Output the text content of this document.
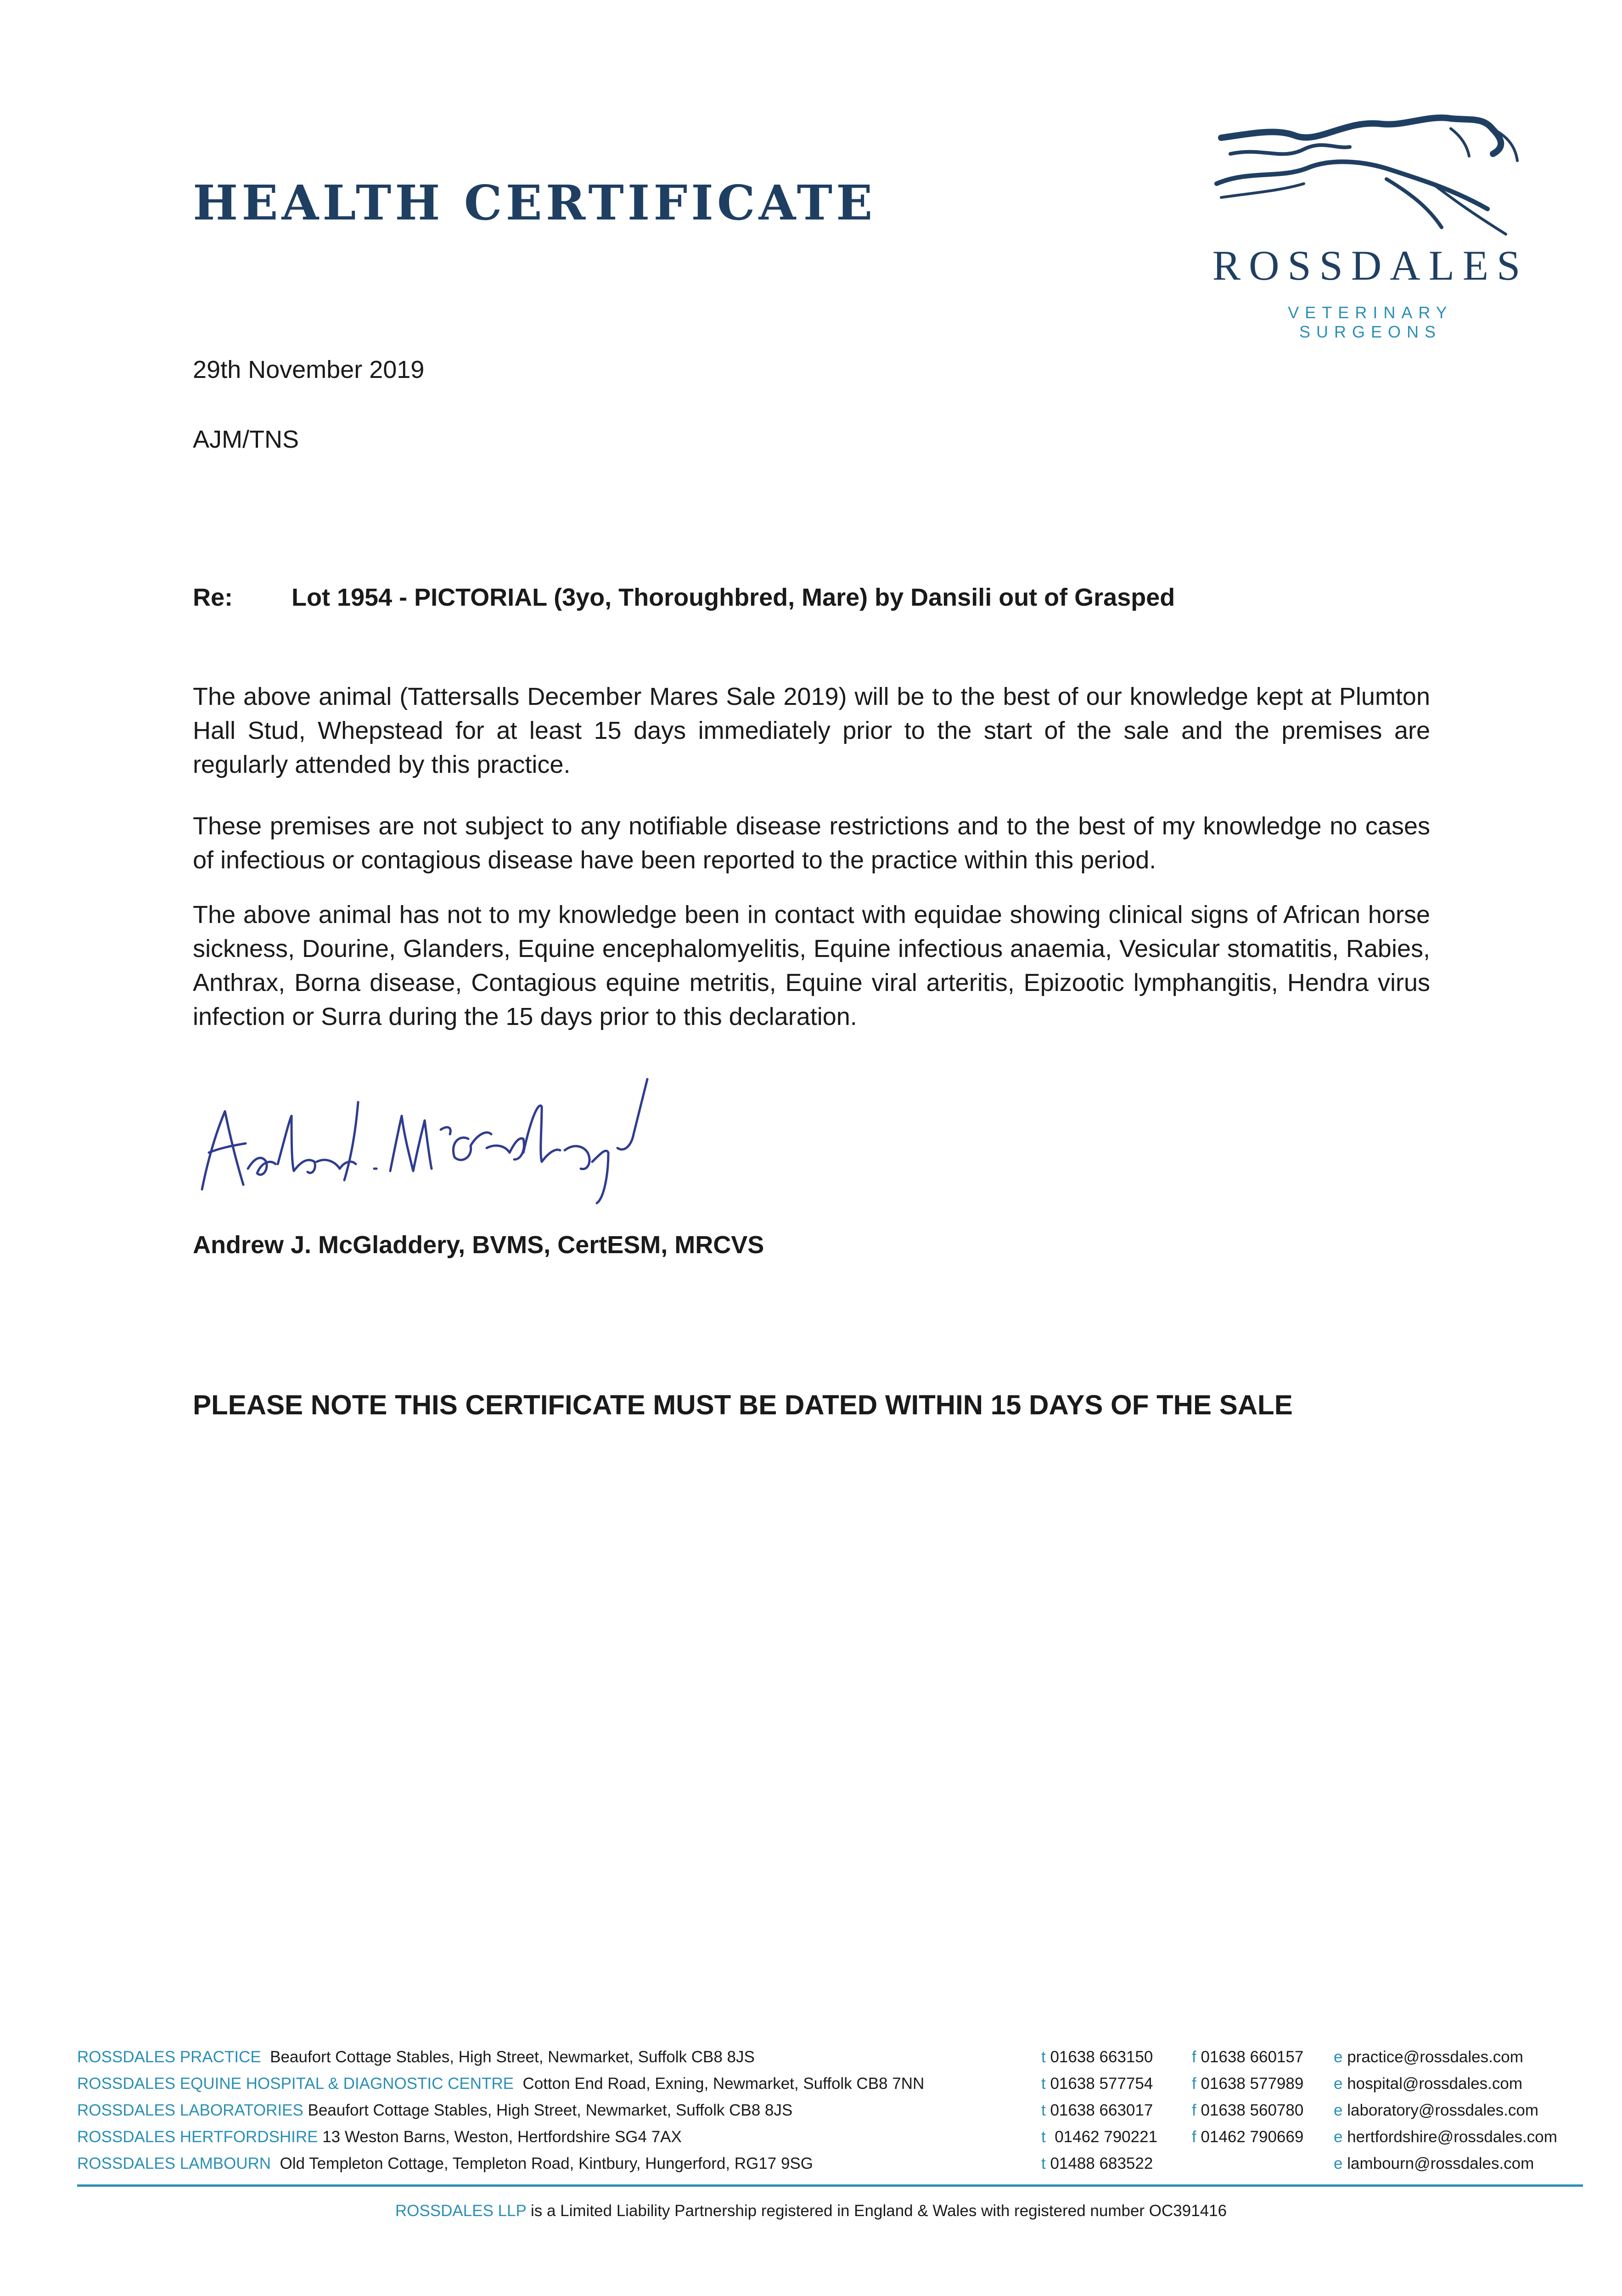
HEALTH CERTIFICATE
ROSSDALES
VETERINARY SURGEONS
29th November 2019
AJM/TNS
Re: Lot 1954 - PICTORIAL (3yo, Thoroughbred, Mare) by Dansili out of Grasped
The above animal (Tattersalls December Mares Sale 2019) will be to the best of our knowledge kept at Plumton Hall Stud, Whepstead for at least 15 days immediately prior to the start of the sale and the premises are regularly attended by this practice.
These premises are not subject to any notifiable disease restrictions and to the best of my knowledge no cases of infectious or contagious disease have been reported to the practice within this period.
The above animal has not to my knowledge been in contact with equidae showing clinical signs of African horse sickness, Dourine, Glanders, Equine encephalomyelitis, Equine infectious anaemia, Vesicular stomatitis, Rabies, Anthrax, Borna disease, Contagious equine metritis, Equine viral arteritis, Epizootic lymphangitis, Hendra virus infection or Surra during the 15 days prior to this declaration.
Andrew J. McGladdery, BVMS, CertESM, MRCVS
PLEASE NOTE THIS CERTIFICATE MUST BE DATED WITHIN 15 DAYS OF THE SALE
ROSSDALES PRACTICE Beaufort Cottage Stables, High Street, Newmarket, Suffolk CB8 8JS	t 01638 663150 f 01638 660157 e practice@rossdales.com
ROSSDALES EQUINE HOSPITAL & DIAGNOSTIC CENTRE Cotton End Road, Exning, Newmarket, Suffolk CB8 7NN	t 01638 577754 f 01638 577989 e hospital@rossdales.com
ROSSDALES LABORATORIES Beaufort Cottage Stables, High Street, Newmarket, Suffolk CB8 8JS	t 01638 663017 f 01638 560780 e laboratory@rossdales.com
ROSSDALES HERTFORDSHIRE 13 Weston Barns, Weston, Hertfordshire SG4 7AX	t 01462 790221 f 01462 790669 e hertfordshire@rossdales.com
ROSSDALES LAMBOURN Old Templeton Cottage, Templeton Road, Kintbury, Hungerford, RG17 9SG	t 01488 683522	e lambourn@rossdales.com
ROSSDALES LLP is a Limited Liability Partnership registered in England & Wales with registered number OC391416
